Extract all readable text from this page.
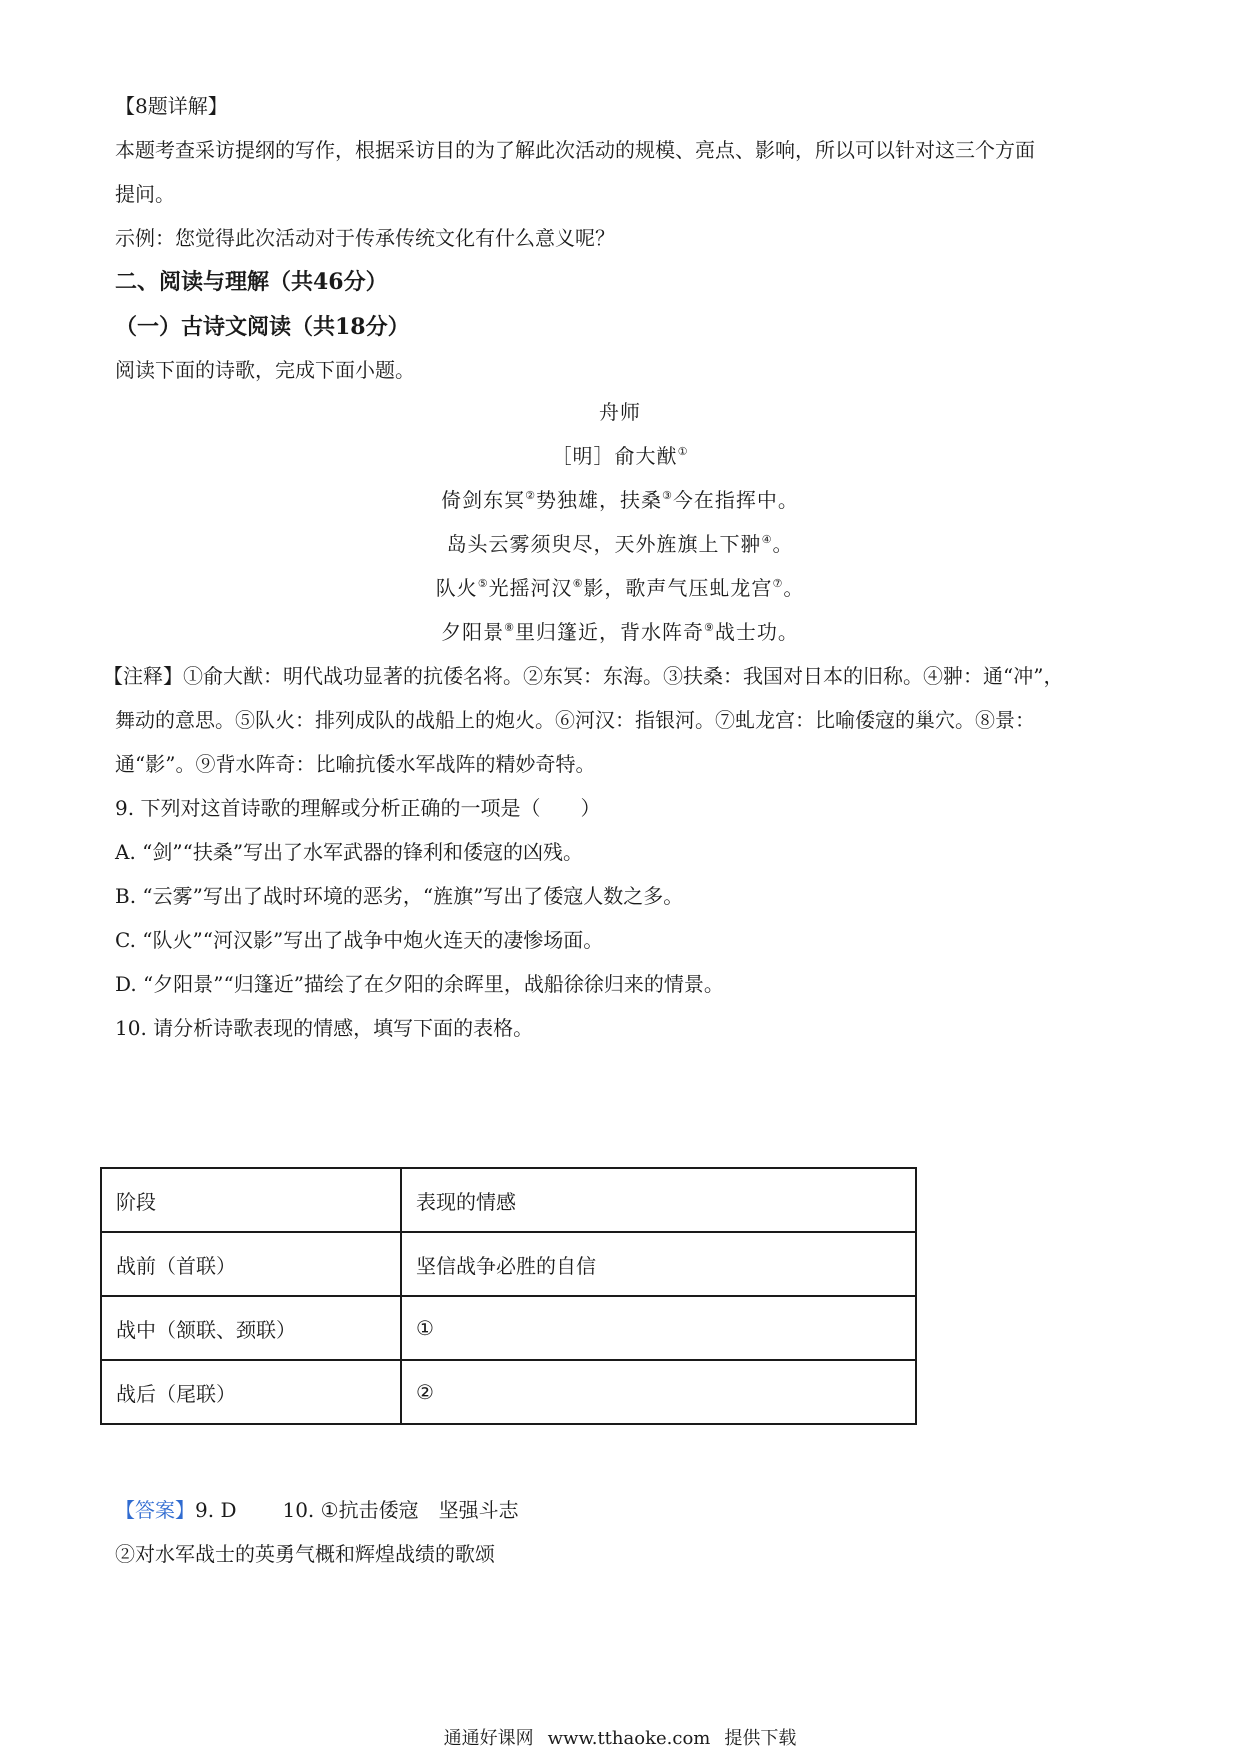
【8题详解】
本题考查采访提纲的写作，根据采访目的为了解此次活动的规模、亮点、影响，所以可以针对这三个方面
提问。
示例：您觉得此次活动对于传承传统文化有什么意义呢？
二、阅读与理解（共46分）
（一）古诗文阅读（共18分）
阅读下面的诗歌，完成下面小题。
舟师
［明］俞大猷①
倚剑东冥②势独雄，扶桑③今在指挥中。
岛头云雾须臾尽，天外旌旗上下翀④。
队火⑤光摇河汉⑥影，歌声气压虬龙宫⑦。
夕阳景⑧里归篷近，背水阵奇⑨战士功。
【注释】①俞大猷：明代战功显著的抗倭名将。②东冥：东海。③扶桑：我国对日本的旧称。④翀：通“冲”，
舞动的意思。⑤队火：排列成队的战船上的炮火。⑥河汉：指银河。⑦虬龙宫：比喻倭寇的巢穴。⑧景：
通“影”。⑨背水阵奇：比喻抗倭水军战阵的精妙奇特。
9. 下列对这首诗歌的理解或分析正确的一项是（　　）
A. “剑”“扶桑”写出了水军武器的锋利和倭寇的凶残。
B. “云雾”写出了战时环境的恶劣，“旌旗”写出了倭寇人数之多。
C. “队火”“河汉影”写出了战争中炮火连天的凄惨场面。
D. “夕阳景”“归篷近”描绘了在夕阳的余晖里，战船徐徐归来的情景。
10. 请分析诗歌表现的情感，填写下面的表格。
阶段	表现的情感
战前（首联）	坚信战争必胜的自信
战中（颔联、颈联）	①
战后（尾联）	②
【答案】9. D 10. ①抗击倭寇　坚强斗志
②对水军战士的英勇气概和辉煌战绩的歌颂
通通好课网 www.tthaoke.com 提供下载
